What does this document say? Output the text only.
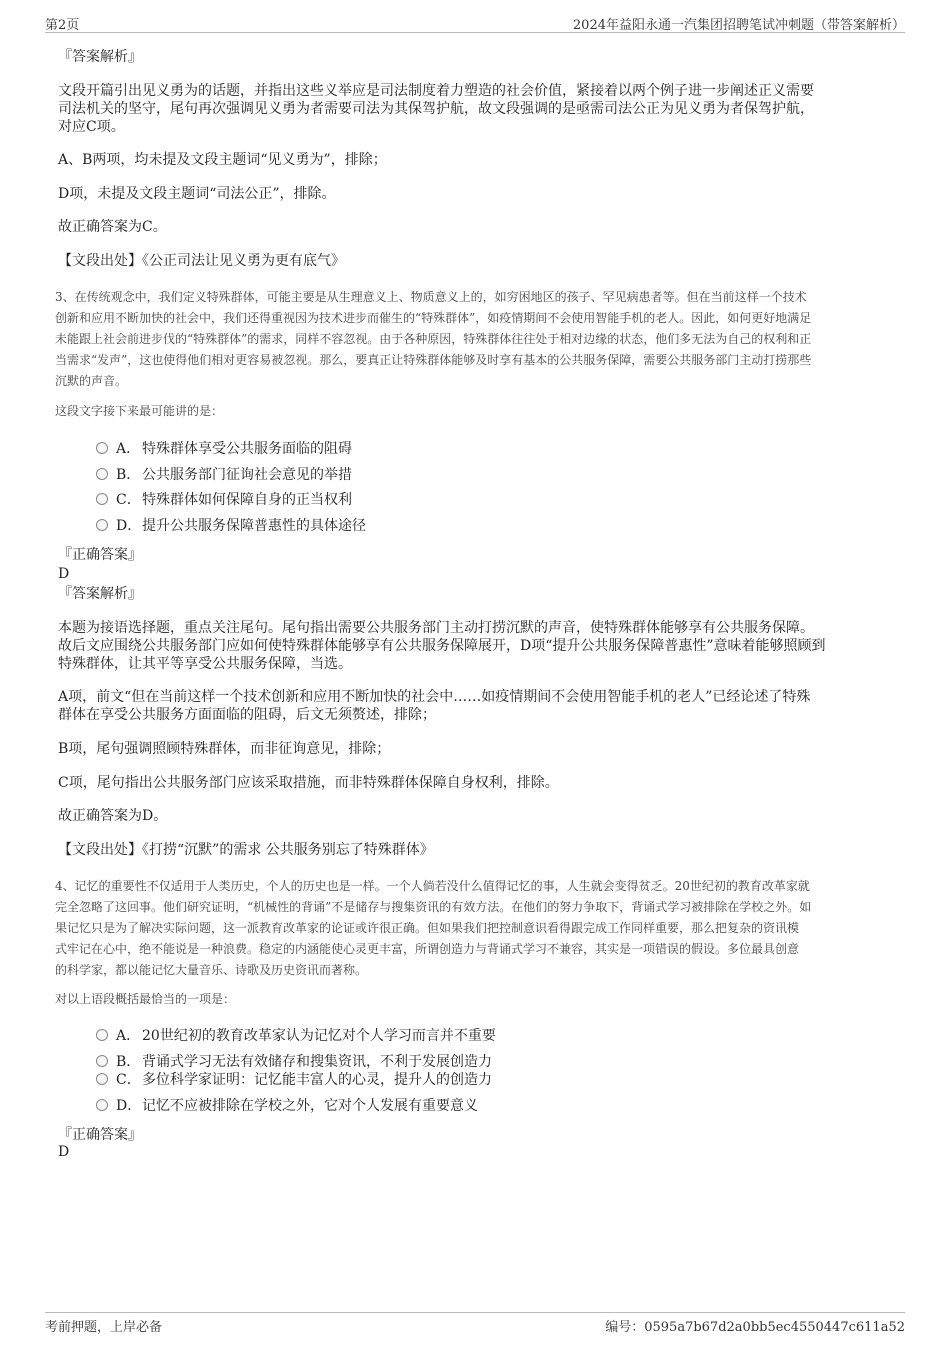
第2页	2024年益阳永通一汽集团招聘笔试冲刺题（带答案解析）
『答案解析』
文段开篇引出见义勇为的话题，并指出这些义举应是司法制度着力塑造的社会价值，紧接着以两个例子进一步阐述正义需要
司法机关的坚守，尾句再次强调见义勇为者需要司法为其保驾护航，故文段强调的是亟需司法公正为见义勇为者保驾护航，
对应C项。
A、B两项，均未提及文段主题词“见义勇为”，排除；
D项，未提及文段主题词“司法公正”，排除。
故正确答案为C。
【文段出处】《公正司法让见义勇为更有底气》
3、在传统观念中，我们定义特殊群体，可能主要是从生理意义上、物质意义上的，如穷困地区的孩子、罕见病患者等。但在当前这样一个技术
创新和应用不断加快的社会中，我们还得重视因为技术进步而催生的“特殊群体”，如疫情期间不会使用智能手机的老人。因此，如何更好地满足
未能跟上社会前进步伐的“特殊群体”的需求，同样不容忽视。由于各种原因，特殊群体往往处于相对边缘的状态，他们多无法为自己的权利和正
当需求“发声”，这也使得他们相对更容易被忽视。那么，要真正让特殊群体能够及时享有基本的公共服务保障，需要公共服务部门主动打捞那些
沉默的声音。
这段文字接下来最可能讲的是：
A． 特殊群体享受公共服务面临的阻碍
B． 公共服务部门征询社会意见的举措
C．特殊群体如何保障自身的正当权利
D．提升公共服务保障普惠性的具体途径
『正确答案』
D
『答案解析』
本题为接语选择题，重点关注尾句。尾句指出需要公共服务部门主动打捞沉默的声音，使特殊群体能够享有公共服务保障。
故后文应围绕公共服务部门应如何使特殊群体能够享有公共服务保障展开，D项“提升公共服务保障普惠性”意味着能够照顾到
特殊群体，让其平等享受公共服务保障，当选。
A项，前文“但在当前这样一个技术创新和应用不断加快的社会中……如疫情期间不会使用智能手机的老人”已经论述了特殊
群体在享受公共服务方面面临的阻碍，后文无须赘述，排除；
B项，尾句强调照顾特殊群体，而非征询意见，排除；
C项，尾句指出公共服务部门应该采取措施，而非特殊群体保障自身权利，排除。
故正确答案为D。
【文段出处】《打捞“沉默”的需求 公共服务别忘了特殊群体》
4、记忆的重要性不仅适用于人类历史，个人的历史也是一样。一个人倘若没什么值得记忆的事，人生就会变得贫乏。20世纪初的教育改革家就
完全忽略了这回事。他们研究证明，“机械性的背诵”不是储存与搜集资讯的有效方法。在他们的努力争取下，背诵式学习被排除在学校之外。如
果记忆只是为了解决实际问题，这一派教育改革家的论证或许很正确。但如果我们把控制意识看得跟完成工作同样重要，那么把复杂的资讯模
式牢记在心中，绝不能说是一种浪费。稳定的内涵能使心灵更丰富，所谓创造力与背诵式学习不兼容，其实是一项错误的假设。多位最具创意
的科学家，都以能记忆大量音乐、诗歌及历史资讯而著称。
对以上语段概括最恰当的一项是：
A． 20世纪初的教育改革家认为记忆对个人学习而言并不重要
B． 背诵式学习无法有效储存和搜集资讯，不利于发展创造力
C．多位科学家证明：记忆能丰富人的心灵，提升人的创造力
D．记忆不应被排除在学校之外，它对个人发展有重要意义
『正确答案』
D
考前押题，上岸必备	编号：0595a7b67d2a0bb5ec4550447c611a52
